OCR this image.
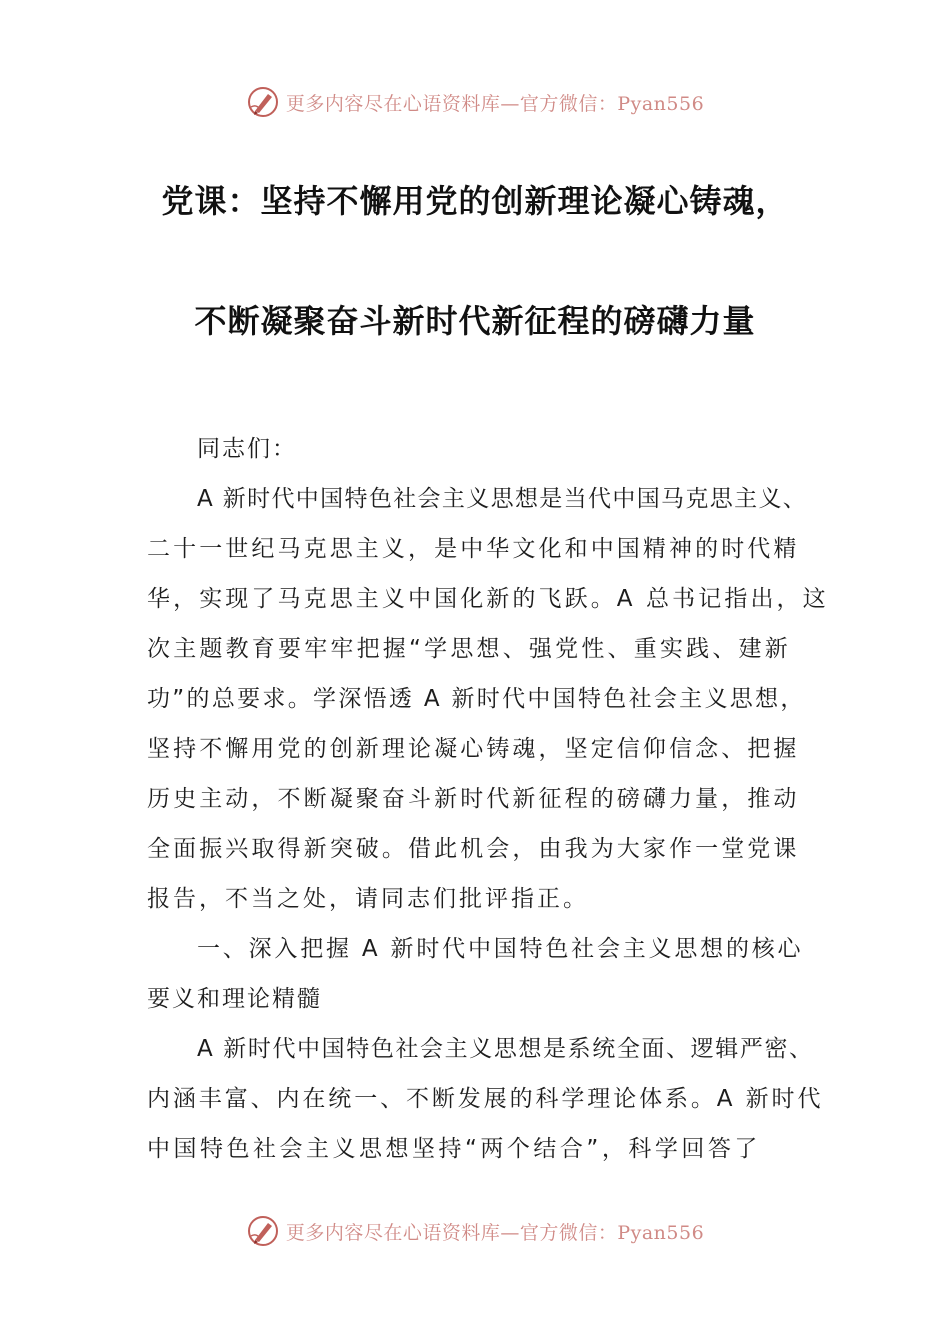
更多内容尽在心语资料库—官方微信：Pyan556
党课：坚持不懈用党的创新理论凝心铸魂，
不断凝聚奋斗新时代新征程的磅礴力量
同志们：
A 新时代中国特色社会主义思想是当代中国马克思主义、
二十一世纪马克思主义，是中华文化和中国精神的时代精
华，实现了马克思主义中国化新的飞跃。A 总书记指出，这
次主题教育要牢牢把握“学思想、强党性、重实践、建新
功”的总要求。学深悟透 A 新时代中国特色社会主义思想，
坚持不懈用党的创新理论凝心铸魂，坚定信仰信念、把握
历史主动，不断凝聚奋斗新时代新征程的磅礴力量，推动
全面振兴取得新突破。借此机会，由我为大家作一堂党课
报告，不当之处，请同志们批评指正。
一、深入把握 A 新时代中国特色社会主义思想的核心
要义和理论精髓
A 新时代中国特色社会主义思想是系统全面、逻辑严密、
内涵丰富、内在统一、不断发展的科学理论体系。A 新时代
中国特色社会主义思想坚持“两个结合”，科学回答了
更多内容尽在心语资料库—官方微信：Pyan556
